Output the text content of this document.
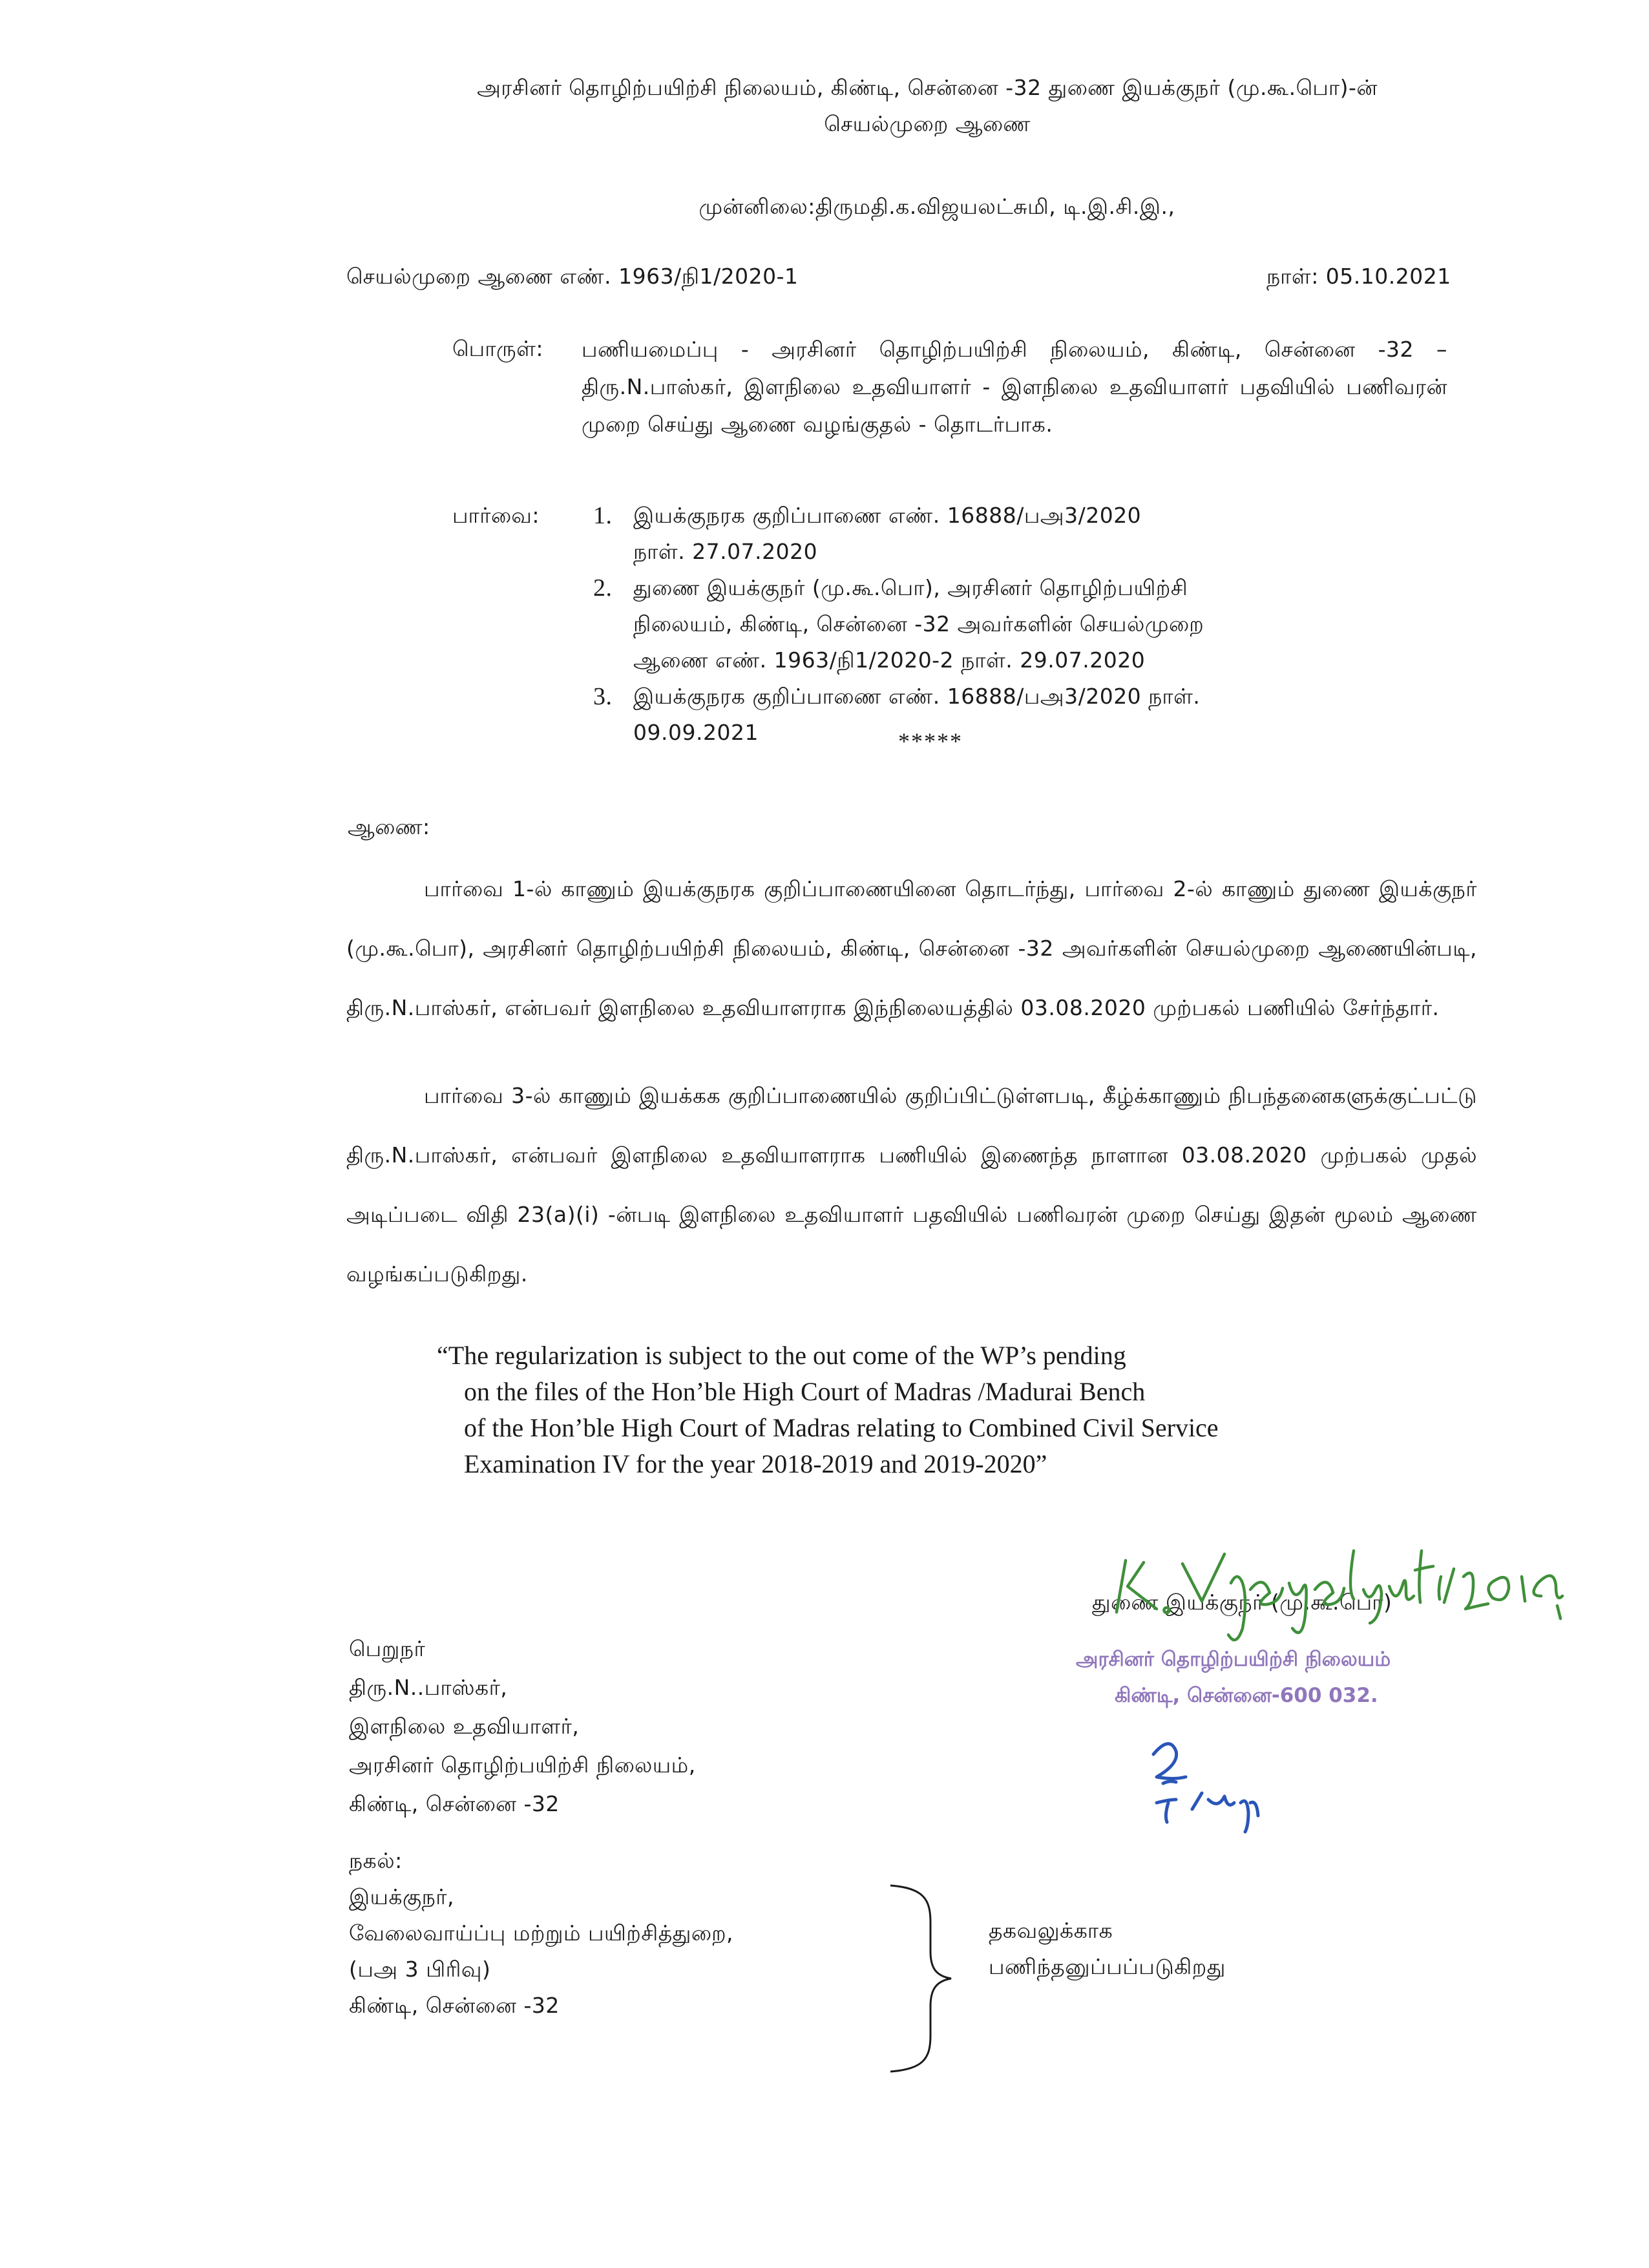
அரசினர் தொழிற்பயிற்சி நிலையம், கிண்டி, சென்னை -32 துணை இயக்குநர் (மு.கூ.பொ)-ன்
செயல்முறை ஆணை
முன்னிலை:திருமதி.க.விஜயலட்சுமி, டி.இ.சி.இ.,
செயல்முறை ஆணை எண். 1963/நி1/2020-1	நாள்: 05.10.2021
பொருள்: பணியமைப்பு - அரசினர் தொழிற்பயிற்சி நிலையம், கிண்டி, சென்னை -32 – திரு.N.பாஸ்கர், இளநிலை உதவியாளர் - இளநிலை உதவியாளர் பதவியில் பணிவரன் முறை செய்து ஆணை வழங்குதல் - தொடர்பாக.
பார்வை: 1. இயக்குநரக குறிப்பாணை எண். 16888/பஅ3/2020
நாள். 27.07.2020
2. துணை இயக்குநர் (மு.கூ.பொ), அரசினர் தொழிற்பயிற்சி
நிலையம், கிண்டி, சென்னை -32 அவர்களின் செயல்முறை
ஆணை எண். 1963/நி1/2020-2 நாள். 29.07.2020
3. இயக்குநரக குறிப்பாணை எண். 16888/பஅ3/2020 நாள்.
09.09.2021	*****
ஆணை:
பார்வை 1-ல் காணும் இயக்குநரக குறிப்பாணையினை தொடர்ந்து, பார்வை 2-ல் காணும் துணை இயக்குநர் (மு.கூ.பொ), அரசினர் தொழிற்பயிற்சி நிலையம், கிண்டி, சென்னை -32 அவர்களின் செயல்முறை ஆணையின்படி, திரு.N.பாஸ்கர், என்பவர் இளநிலை உதவியாளராக இந்நிலையத்தில் 03.08.2020 முற்பகல் பணியில் சேர்ந்தார்.
பார்வை 3-ல் காணும் இயக்கக குறிப்பாணையில் குறிப்பிட்டுள்ளபடி, கீழ்க்காணும் நிபந்தனைகளுக்குட்பட்டு திரு.N.பாஸ்கர், என்பவர் இளநிலை உதவியாளராக பணியில் இணைந்த நாளான 03.08.2020 முற்பகல் முதல் அடிப்படை விதி 23(a)(i) -ன்படி இளநிலை உதவியாளர் பதவியில் பணிவரன் முறை செய்து இதன் மூலம் ஆணை வழங்கப்படுகிறது.
“The regularization is subject to the out come of the WP’s pending
on the files of the Hon’ble High Court of Madras /Madurai Bench
of the Hon’ble High Court of Madras relating to Combined Civil Service
Examination IV for the year 2018-2019 and 2019-2020”
துணை இயக்குநர் (மு.கூ.பொ)
அரசினர் தொழிற்பயிற்சி நிலையம்
கிண்டி, சென்னை-600 032.
பெறுநர்
திரு.N..பாஸ்கர்,
இளநிலை உதவியாளர்,
அரசினர் தொழிற்பயிற்சி நிலையம்,
கிண்டி, சென்னை -32
நகல்:
இயக்குநர்,
வேலைவாய்ப்பு மற்றும் பயிற்சித்துறை,
(பஅ 3 பிரிவு)
கிண்டி, சென்னை -32
தகவலுக்காக
பணிந்தனுப்பப்படுகிறது
